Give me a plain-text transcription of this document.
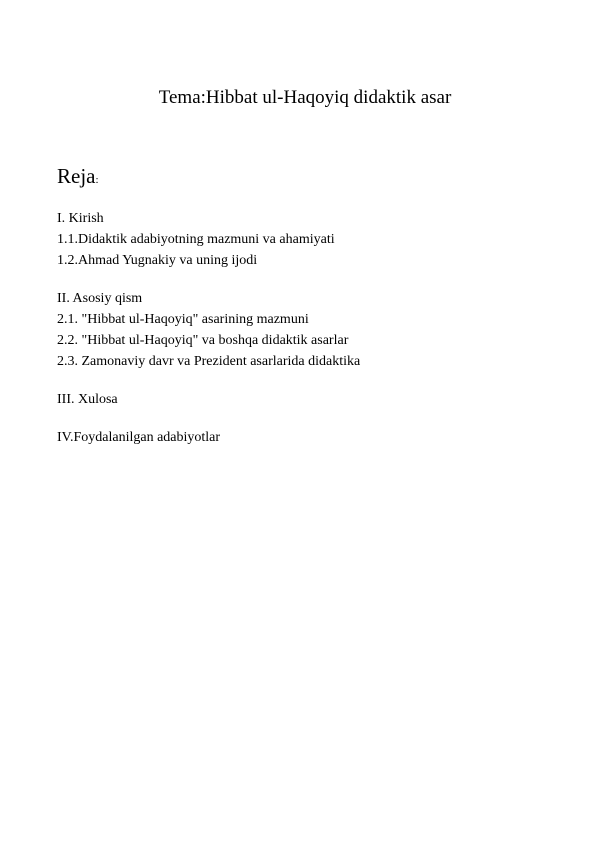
Tema:Hibbat ul-Haqoyiq didaktik asar
Reja:
I. Kirish
1.1.Didaktik adabiyotning mazmuni va ahamiyati
1.2.Ahmad Yugnakiy va uning ijodi
II. Asosiy qism
2.1. "Hibbat ul-Haqoyiq" asarining mazmuni
2.2. "Hibbat ul-Haqoyiq" va boshqa didaktik asarlar
2.3. Zamonaviy davr va Prezident asarlarida didaktika
III. Xulosa
IV.Foydalanilgan adabiyotlar
